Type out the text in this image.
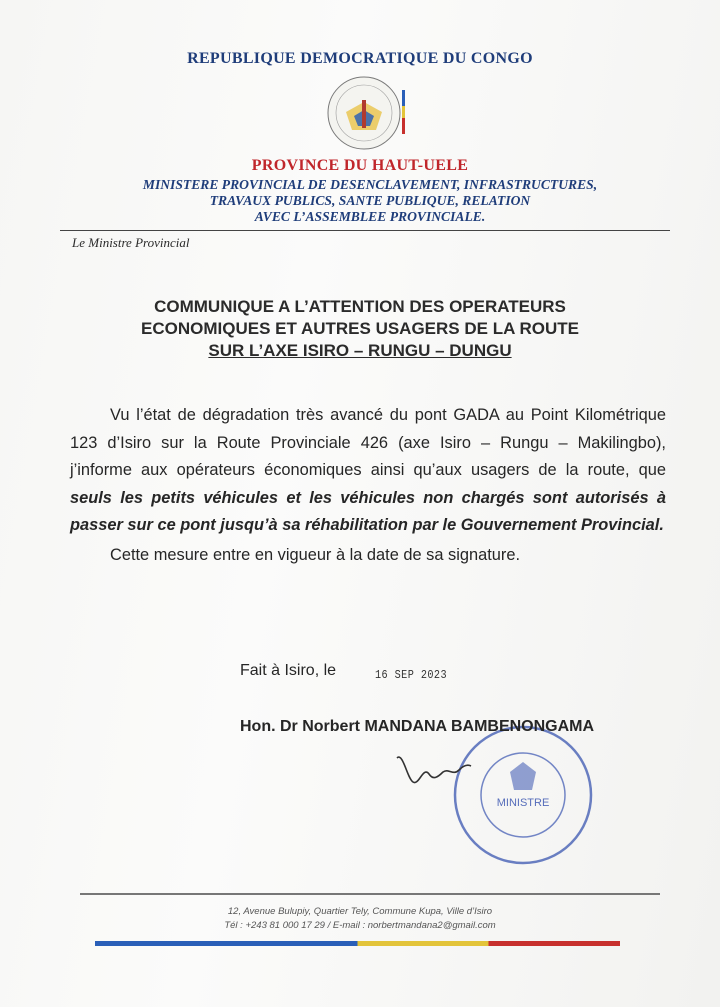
REPUBLIQUE DEMOCRATIQUE DU CONGO
PROVINCE DU HAUT-UELE
MINISTERE PROVINCIAL DE DESENCLAVEMENT, INFRASTRUCTURES,
TRAVAUX PUBLICS, SANTE PUBLIQUE, RELATION
AVEC L’ASSEMBLEE PROVINCIALE.
Le Ministre Provincial
COMMUNIQUE A L’ATTENTION DES OPERATEURS
ECONOMIQUES ET AUTRES USAGERS DE LA ROUTE
SUR L’AXE ISIRO – RUNGU – DUNGU

Vu l’état de dégradation très avancé du pont GADA au Point Kilométrique 123 d’Isiro sur la Route Provinciale 426 (axe Isiro – Rungu – Makilingbo), j’informe aux opérateurs économiques ainsi qu’aux usagers de la route, que seuls les petits véhicules et les véhicules non chargés sont autorisés à passer sur ce pont jusqu’à sa réhabilitation par le Gouvernement Provincial.

Cette mesure entre en vigueur à la date de sa signature.

Fait à Isiro, le	16 SEP 2023
MINISTRE
Hon. Dr Norbert MANDANA BAMBENONGAMA
12, Avenue Bulupiy, Quartier Tely, Commune Kupa, Ville d’Isiro
Tél : +243 81 000 17 29 / E-mail : norbertmandana2@gmail.com
